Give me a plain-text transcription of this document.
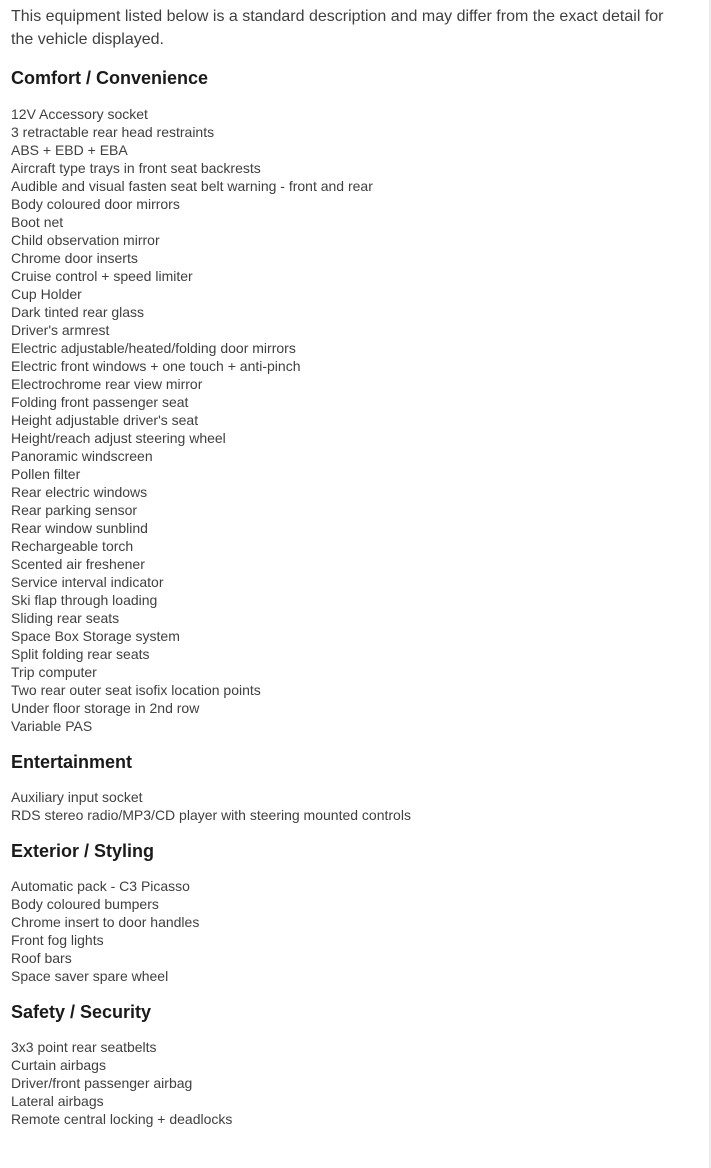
This equipment listed below is a standard description and may differ from the exact detail for the vehicle displayed.

Comfort / Convenience
12V Accessory socket
3 retractable rear head restraints
ABS + EBD + EBA
Aircraft type trays in front seat backrests
Audible and visual fasten seat belt warning - front and rear
Body coloured door mirrors
Boot net
Child observation mirror
Chrome door inserts
Cruise control + speed limiter
Cup Holder
Dark tinted rear glass
Driver's armrest
Electric adjustable/heated/folding door mirrors
Electric front windows + one touch + anti-pinch
Electrochrome rear view mirror
Folding front passenger seat
Height adjustable driver's seat
Height/reach adjust steering wheel
Panoramic windscreen
Pollen filter
Rear electric windows
Rear parking sensor
Rear window sunblind
Rechargeable torch
Scented air freshener
Service interval indicator
Ski flap through loading
Sliding rear seats
Space Box Storage system
Split folding rear seats
Trip computer
Two rear outer seat isofix location points
Under floor storage in 2nd row
Variable PAS
Entertainment
Auxiliary input socket
RDS stereo radio/MP3/CD player with steering mounted controls
Exterior / Styling
Automatic pack - C3 Picasso
Body coloured bumpers
Chrome insert to door handles
Front fog lights
Roof bars
Space saver spare wheel
Safety / Security
3x3 point rear seatbelts
Curtain airbags
Driver/front passenger airbag
Lateral airbags
Remote central locking + deadlocks
